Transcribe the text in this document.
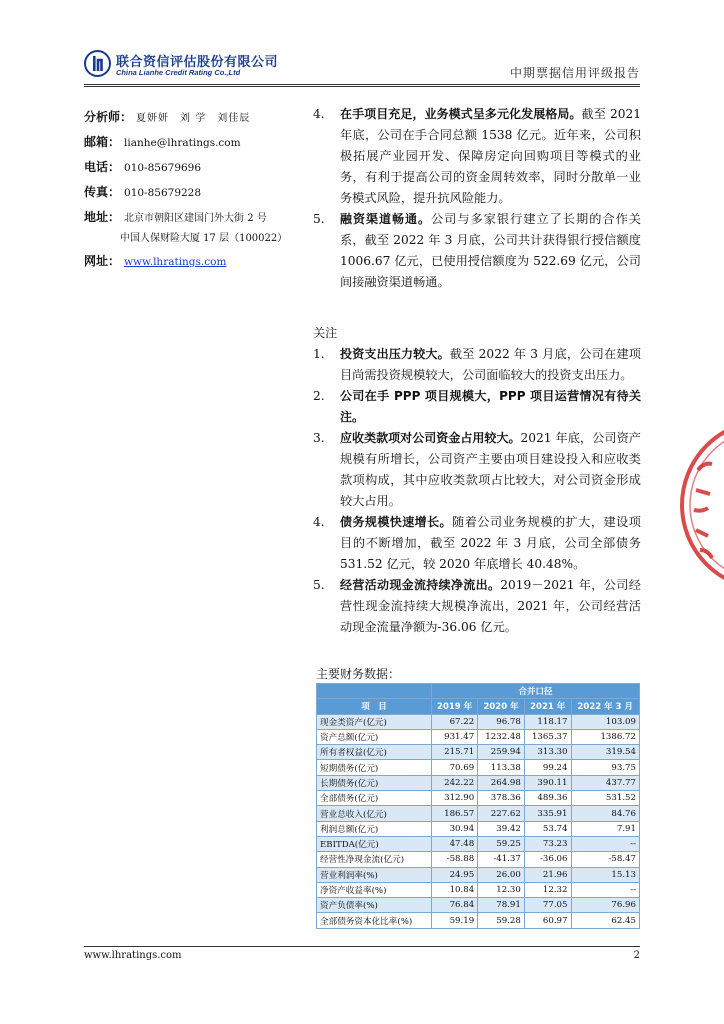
联合资信评估股份有限公司
China Lianhe Credit Rating Co.,Ltd	中期票据信用评级报告
分析师： 夏妍妍　刘 学　刘佳辰
邮箱： lianhe@lhratings.com
电话： 010-85679696
传真： 010-85679228
地址： 北京市朝阳区建国门外大街 2 号
中国人保财险大厦 17 层（100022）
网址： www.lhratings.com
4.	在手项目充足，业务模式呈多元化发展格局。截至 2021 年底，公司在手合同总额 1538 亿元。近年来，公司积极拓展产业园开发、保障房定向回购项目等模式的业务，有利于提高公司的资金周转效率，同时分散单一业务模式风险，提升抗风险能力。
5.	融资渠道畅通。公司与多家银行建立了长期的合作关系，截至 2022 年 3 月底，公司共计获得银行授信额度 1006.67 亿元，已使用授信额度为 522.69 亿元，公司间接融资渠道畅通。
关注
1.	投资支出压力较大。截至 2022 年 3 月底，公司在建项目尚需投资规模较大，公司面临较大的投资支出压力。
2.	公司在手 PPP 项目规模大，PPP 项目运营情况有待关注。
3.	应收类款项对公司资金占用较大。2021 年底，公司资产规模有所增长，公司资产主要由项目建设投入和应收类款项构成，其中应收类款项占比较大，对公司资金形成较大占用。
4.	债务规模快速增长。随着公司业务规模的扩大，建设项目的不断增加，截至 2022 年 3 月底，公司全部债务 531.52 亿元，较 2020 年底增长 40.48%。
5.	经营活动现金流持续净流出。2019－2021 年，公司经营性现金流持续大规模净流出，2021 年，公司经营活动现金流量净额为-36.06 亿元。
主要财务数据：
	合并口径			
项　目	2019 年	2020 年	2021 年	2022 年 3 月
现金类资产(亿元)	67.22	96.78	118.17	103.09
资产总额(亿元)	931.47	1232.48	1365.37	1386.72
所有者权益(亿元)	215.71	259.94	313.30	319.54
短期债务(亿元)	70.69	113.38	99.24	93.75
长期债务(亿元)	242.22	264.98	390.11	437.77
全部债务(亿元)	312.90	378.36	489.36	531.52
营业总收入(亿元)	186.57	227.62	335.91	84.76
利润总额(亿元)	30.94	39.42	53.74	7.91
EBITDA(亿元)	47.48	59.25	73.23	--
经营性净现金流(亿元)	-58.88	-41.37	-36.06	-58.47
营业利润率(%)	24.95	26.00	21.96	15.13
净资产收益率(%)	10.84	12.30	12.32	--
资产负债率(%)	76.84	78.91	77.05	76.96
全部债务资本化比率(%)	59.19	59.28	60.97	62.45
www.lhratings.com	2
